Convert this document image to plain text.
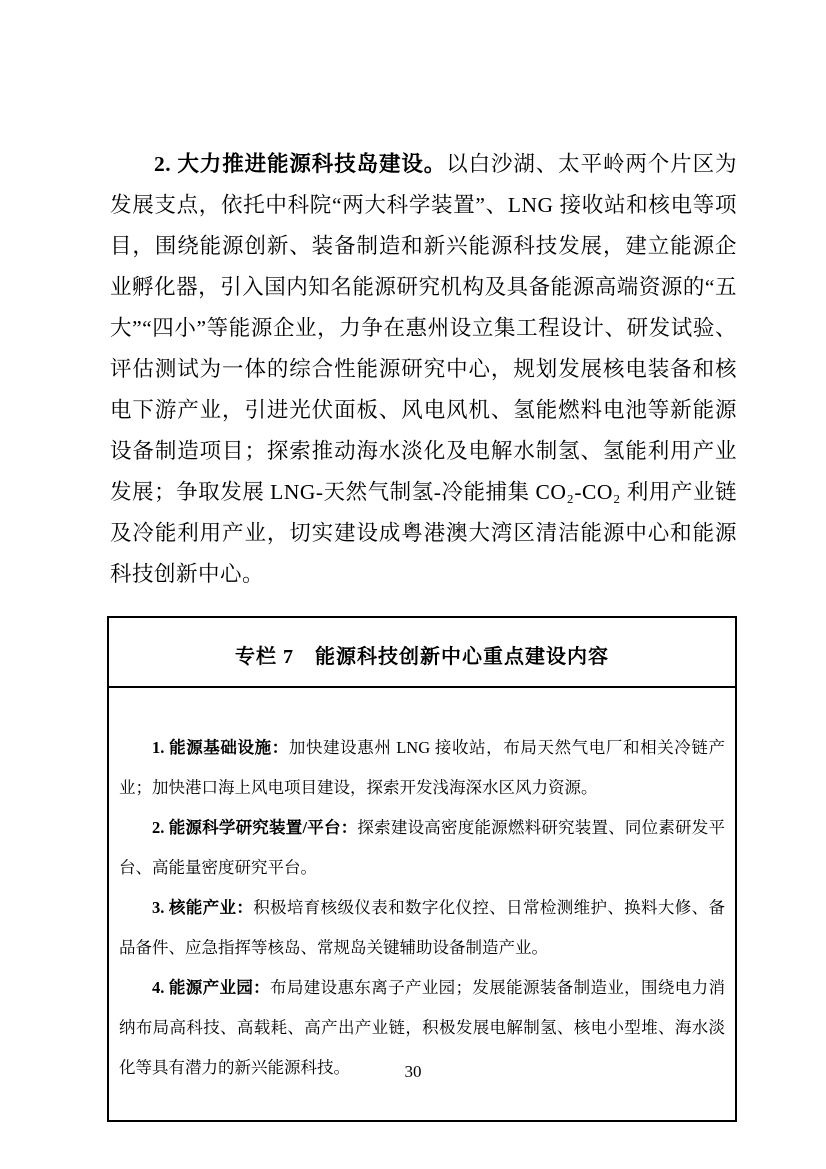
2. 大力推进能源科技岛建设。以白沙湖、太平岭两个片区为发展支点，依托中科院“两大科学装置”、LNG 接收站和核电等项目，围绕能源创新、装备制造和新兴能源科技发展，建立能源企业孵化器，引入国内知名能源研究机构及具备能源高端资源的“五大”“四小”等能源企业，力争在惠州设立集工程设计、研发试验、评估测试为一体的综合性能源研究中心，规划发展核电装备和核电下游产业，引进光伏面板、风电风机、氢能燃料电池等新能源设备制造项目；探索推动海水淡化及电解水制氢、氢能利用产业发展；争取发展 LNG-天然气制氢-冷能捕集 CO₂-CO₂ 利用产业链及冷能利用产业，切实建设成粤港澳大湾区清洁能源中心和能源科技创新中心。

专栏 7　能源科技创新中心重点建设内容

1. 能源基础设施：加快建设惠州 LNG 接收站，布局天然气电厂和相关冷链产业；加快港口海上风电项目建设，探索开发浅海深水区风力资源。

2. 能源科学研究装置/平台：探索建设高密度能源燃料研究装置、同位素研发平台、高能量密度研究平台。

3. 核能产业：积极培育核级仪表和数字化仪控、日常检测维护、换料大修、备品备件、应急指挥等核岛、常规岛关键辅助设备制造产业。

4. 能源产业园：布局建设惠东离子产业园；发展能源装备制造业，围绕电力消纳布局高科技、高载耗、高产出产业链，积极发展电解制氢、核电小型堆、海水淡化等具有潜力的新兴能源科技。	30
